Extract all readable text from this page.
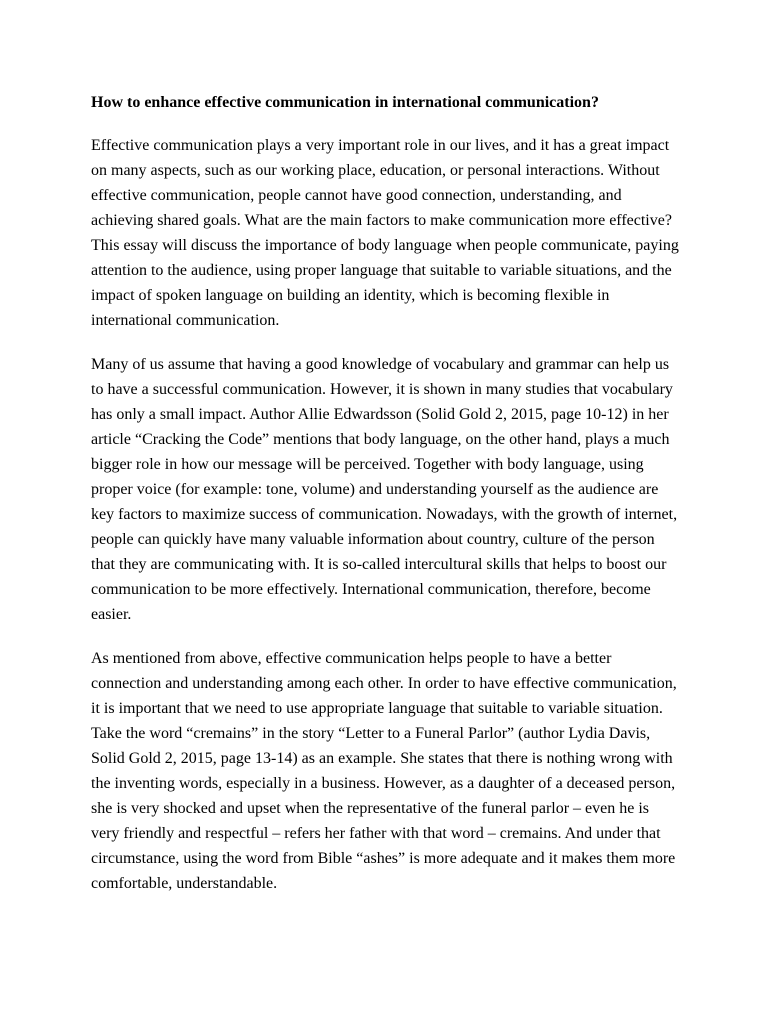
How to enhance effective communication in international communication?

Effective communication plays a very important role in our lives, and it has a great impact on many aspects, such as our working place, education, or personal interactions. Without effective communication, people cannot have good connection, understanding, and achieving shared goals. What are the main factors to make communication more effective? This essay will discuss the importance of body language when people communicate, paying attention to the audience, using proper language that suitable to variable situations, and the impact of spoken language on building an identity, which is becoming flexible in international communication.

Many of us assume that having a good knowledge of vocabulary and grammar can help us to have a successful communication. However, it is shown in many studies that vocabulary has only a small impact. Author Allie Edwardsson (Solid Gold 2, 2015, page 10-12) in her article “Cracking the Code” mentions that body language, on the other hand, plays a much bigger role in how our message will be perceived. Together with body language, using proper voice (for example: tone, volume) and understanding yourself as the audience are key factors to maximize success of communication. Nowadays, with the growth of internet, people can quickly have many valuable information about country, culture of the person that they are communicating with. It is so-called intercultural skills that helps to boost our communication to be more effectively. International communication, therefore, become easier.

As mentioned from above, effective communication helps people to have a better connection and understanding among each other. In order to have effective communication, it is important that we need to use appropriate language that suitable to variable situation. Take the word “cremains” in the story “Letter to a Funeral Parlor” (author Lydia Davis, Solid Gold 2, 2015, page 13-14) as an example. She states that there is nothing wrong with the inventing words, especially in a business. However, as a daughter of a deceased person, she is very shocked and upset when the representative of the funeral parlor – even he is very friendly and respectful – refers her father with that word – cremains. And under that circumstance, using the word from Bible “ashes” is more adequate and it makes them more comfortable, understandable.
